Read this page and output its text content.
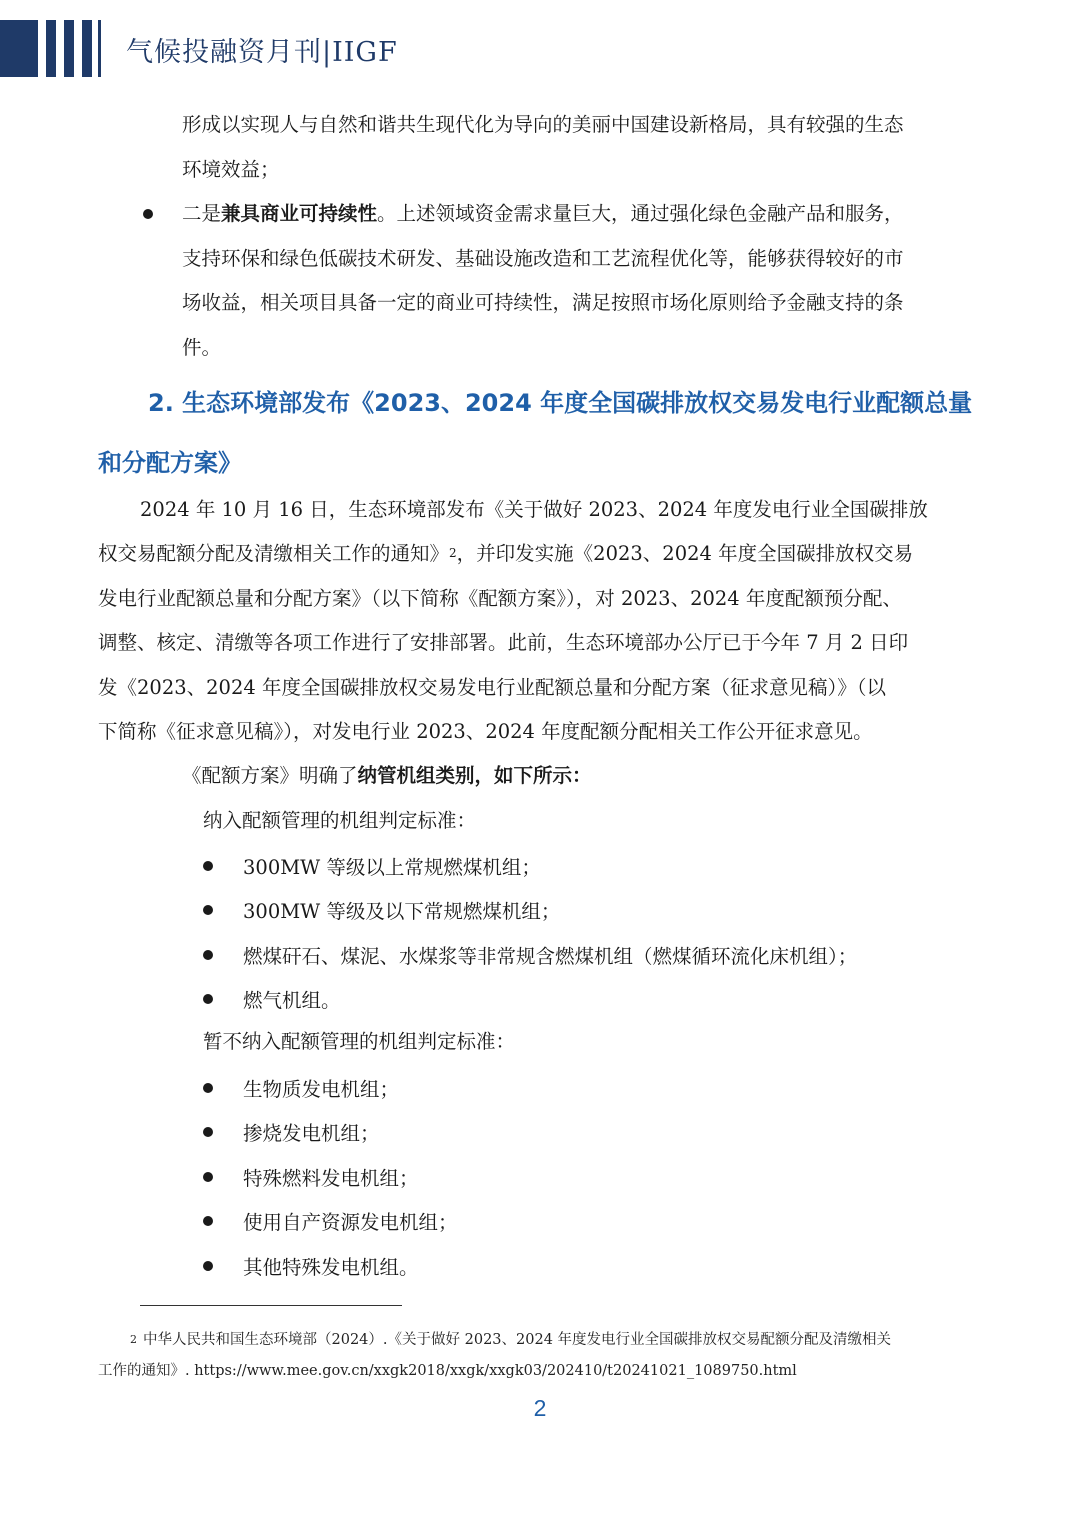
气候投融资月刊|IIGF
形成以实现人与自然和谐共生现代化为导向的美丽中国建设新格局，具有较强的生态
环境效益；
二是兼具商业可持续性。上述领域资金需求量巨大，通过强化绿色金融产品和服务，
支持环保和绿色低碳技术研发、基础设施改造和工艺流程优化等，能够获得较好的市
场收益，相关项目具备一定的商业可持续性，满足按照市场化原则给予金融支持的条
件。
2. 生态环境部发布《2023、2024 年度全国碳排放权交易发电行业配额总量
和分配方案》
2024 年 10 月 16 日，生态环境部发布《关于做好 2023、2024 年度发电行业全国碳排放
权交易配额分配及清缴相关工作的通知》$^2$，并印发实施《2023、2024 年度全国碳排放权交易
发电行业配额总量和分配方案》（以下简称《配额方案》），对 2023、2024 年度配额预分配、
调整、核定、清缴等各项工作进行了安排部署。此前，生态环境部办公厅已于今年 7 月 2 日印
发《2023、2024 年度全国碳排放权交易发电行业配额总量和分配方案（征求意见稿）》（以
下简称《征求意见稿》），对发电行业 2023、2024 年度配额分配相关工作公开征求意见。
《配额方案》明确了纳管机组类别，如下所示：
纳入配额管理的机组判定标准：
300MW 等级以上常规燃煤机组；
300MW 等级及以下常规燃煤机组；
燃煤矸石、煤泥、水煤浆等非常规含燃煤机组（燃煤循环流化床机组）；
燃气机组。
暂不纳入配额管理的机组判定标准：
生物质发电机组；
掺烧发电机组；
特殊燃料发电机组；
使用自产资源发电机组；
其他特殊发电机组。
$^2$ 中华人民共和国生态环境部（2024）.《关于做好 2023、2024 年度发电行业全国碳排放权交易配额分配及清缴相关
工作的通知》. https://www.mee.gov.cn/xxgk2018/xxgk/xxgk03/202410/t20241021_1089750.html
2
